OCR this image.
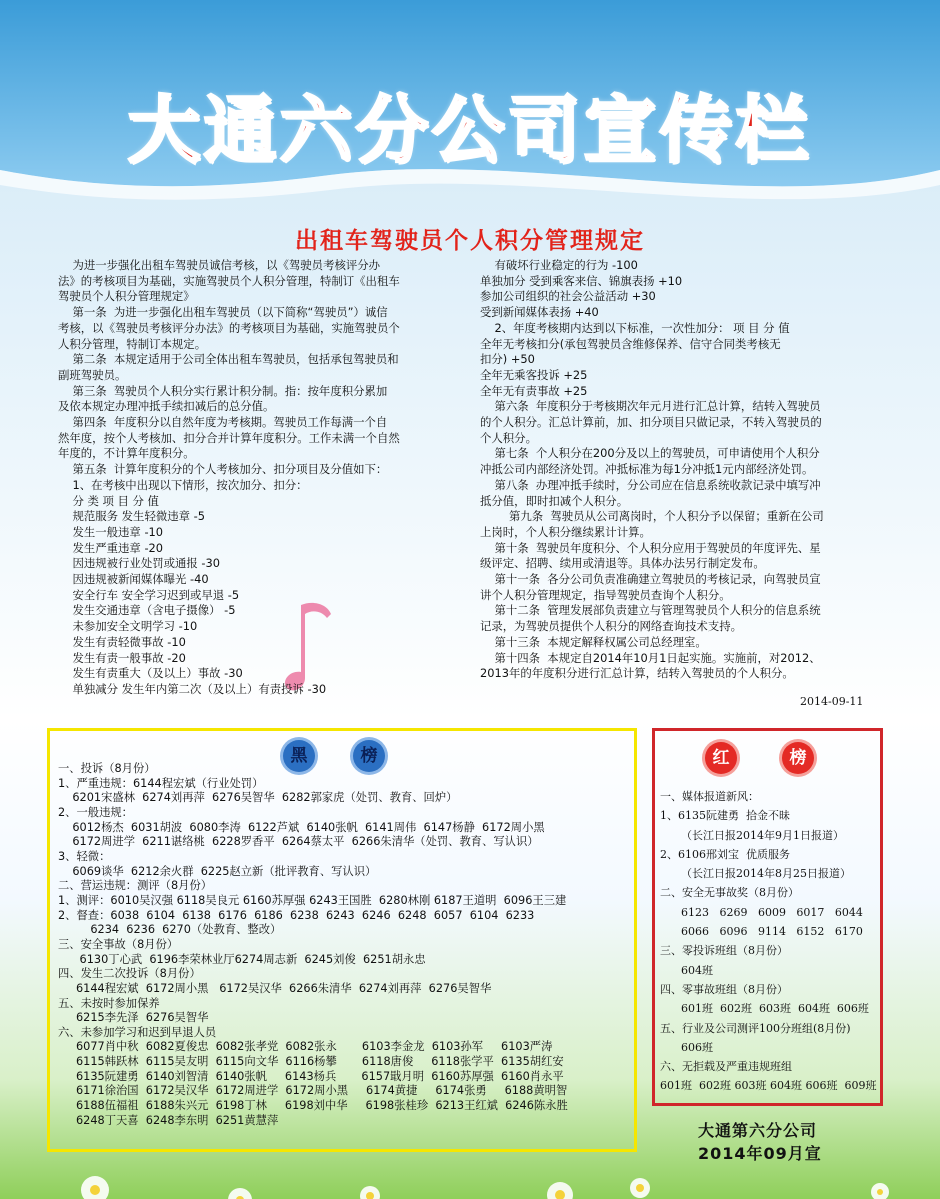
大通六分公司宣传栏
出租车驾驶员个人积分管理规定
为进一步强化出租车驾驶员诚信考核，以《驾驶员考核评分办
法》的考核项目为基础，实施驾驶员个人积分管理，特制订《出租车
驾驶员个人积分管理规定》
第一条  为进一步强化出租车驾驶员（以下简称“驾驶员”）诚信
考核，以《驾驶员考核评分办法》的考核项目为基础，实施驾驶员个
人积分管理，特制订本规定。
第二条  本规定适用于公司全体出租车驾驶员，包括承包驾驶员和
副班驾驶员。
第三条  驾驶员个人积分实行累计积分制。指：按年度积分累加
及依本规定办理冲抵手续扣减后的总分值。
第四条  年度积分以自然年度为考核期。驾驶员工作每满一个自
然年度，按个人考核加、扣分合并计算年度积分。工作未满一个自然
年度的，不计算年度积分。
第五条  计算年度积分的个人考核加分、扣分项目及分值如下：
1、在考核中出现以下情形，按次加分、扣分：
分 类 项 目 分 值
规范服务 发生轻微违章 -5
发生一般违章 -10
发生严重违章 -20
因违规被行业处罚或通报 -30
因违规被新闻媒体曝光 -40
安全行车 安全学习迟到或早退 -5
发生交通违章（含电子摄像） -5
未参加安全文明学习 -10
发生有责轻微事故 -10
发生有责一般事故 -20
发生有责重大（及以上）事故 -30
单独减分 发生年内第二次（及以上）有责投诉 -30
有破坏行业稳定的行为 -100
单独加分 受到乘客来信、锦旗表扬 +10
参加公司组织的社会公益活动 +30
受到新闻媒体表扬 +40
2、年度考核期内达到以下标准，一次性加分： 项 目 分 值
全年无考核扣分(承包驾驶员含维修保养、信守合同类考核无
扣分) +50
全年无乘客投诉 +25
全年无有责事故 +25
第六条  年度积分于考核期次年元月进行汇总计算，结转入驾驶员
的个人积分。汇总计算前，加、扣分项目只做记录，不转入驾驶员的
个人积分。
第七条  个人积分在200分及以上的驾驶员，可申请使用个人积分
冲抵公司内部经济处罚。冲抵标准为每1分冲抵1元内部经济处罚。
第八条  办理冲抵手续时，分公司应在信息系统收款记录中填写冲
抵分值，即时扣减个人积分。
第九条  驾驶员从公司离岗时，个人积分予以保留；重新在公司
上岗时，个人积分继续累计计算。
第十条  驾驶员年度积分、个人积分应用于驾驶员的年度评先、星
级评定、招聘、续用或清退等。具体办法另行制定发布。
第十一条  各分公司负责准确建立驾驶员的考核记录，向驾驶员宣
讲个人积分管理规定，指导驾驶员查询个人积分。
第十二条  管理发展部负责建立与管理驾驶员个人积分的信息系统
记录，为驾驶员提供个人积分的网络查询技术支持。
第十三条  本规定解释权属公司总经理室。
第十四条  本规定自2014年10月1日起实施。实施前，对2012、
2013年的年度积分进行汇总计算，结转入驾驶员的个人积分。
2014-09-11
黑	榜
一、投诉（8月份）
1、严重违规：6144程宏斌（行业处罚）
6201宋盛林  6274刘再萍  6276吴智华  6282郭家虎（处罚、教育、回炉）
2、一般违规：
6012杨杰  6031胡波  6080李涛  6122芦斌  6140张帆  6141周伟  6147杨静  6172周小黑
6172周进学  6211谌络桃  6228罗香平  6264蔡太平  6266朱清华（处罚、教育、写认识）
3、轻微：
6069谈华  6212余火群  6225赵立新（批评教育、写认识）
二、营运违规：测评（8月份）
1、测评：6010吴汉强 6118吴良元 6160苏厚强 6243王国胜  6280林刚 6187王道明  6096王三建
2、督查：6038  6104  6138  6176  6186  6238  6243  6246  6248  6057  6104  6233
6234  6236  6270（处教育、整改）
三、安全事故（8月份）
6130丁心武  6196李荣林业厅6274周志新  6245刘俊  6251胡永忠
四、发生二次投诉（8月份）
6144程宏斌  6172周小黑   6172吴汉华  6266朱清华  6274刘再萍  6276吴智华
五、未按时参加保养
6215李先泽  6276吴智华
六、未参加学习和迟到早退人员
6077肖中秋  6082夏俊忠  6082张孝党  6082张永       6103李金龙  6103孙军     6103严涛
6115韩跃林  6115吴友明  6115向文华  6116杨攀       6118唐俊     6118张学平  6135胡红安
6135阮建勇  6140刘智清  6140张帆     6143杨兵       6157戢月明  6160苏厚强  6160肖永平
6171徐治国  6172吴汉华  6172周进学  6172周小黑     6174黄捷     6174张勇     6188黄明智
6188伍福祖  6188朱兴元  6198丁林     6198刘中华     6198张桂珍  6213王红斌  6246陈永胜
6248丁天喜  6248李东明  6251黄慧萍
红	榜
一、媒体报道新风：
1、6135阮建勇  拾金不昧
（长江日报2014年9月1日报道）
2、6106邢刘宝  优质服务
（长江日报2014年8月25日报道）
二、安全无事故奖（8月份）
6123   6269   6009   6017   6044
6066   6096   9114   6152   6170
三、零投诉班组（8月份）
604班
四、零事故班组（8月份）
601班  602班  603班  604班  606班
五、行业及公司测评100分班组(8月份)
606班
六、无拒载及严重违规班组
601班  602班 603班 604班 606班  609班
大通第六分公司
2014年09月宣
